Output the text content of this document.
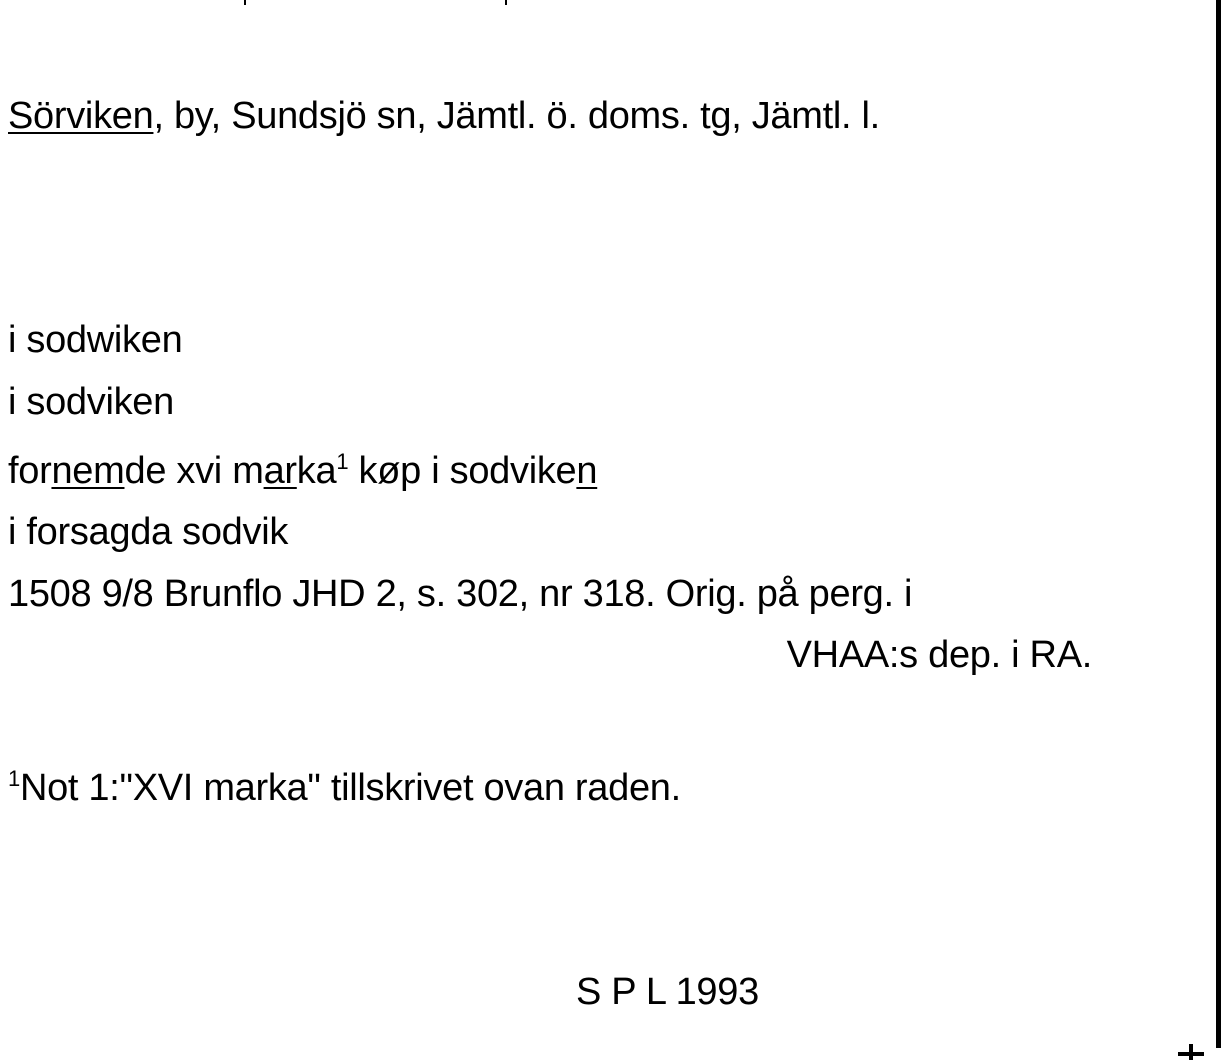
Sörviken, by, Sundsjö sn, Jämtl. ö. doms. tg, Jämtl. l.
i sodwiken
i sodviken
fornemde xvi marka$^1$ køp i sodviken
i forsagda sodvik
1508 9/8 Brunflo JHD 2, s. 302, nr 318. Orig. på perg. i
VHAA:s dep. i RA.
$^1$Not 1:"XVI marka" tillskrivet ovan raden.
S P L 1993
